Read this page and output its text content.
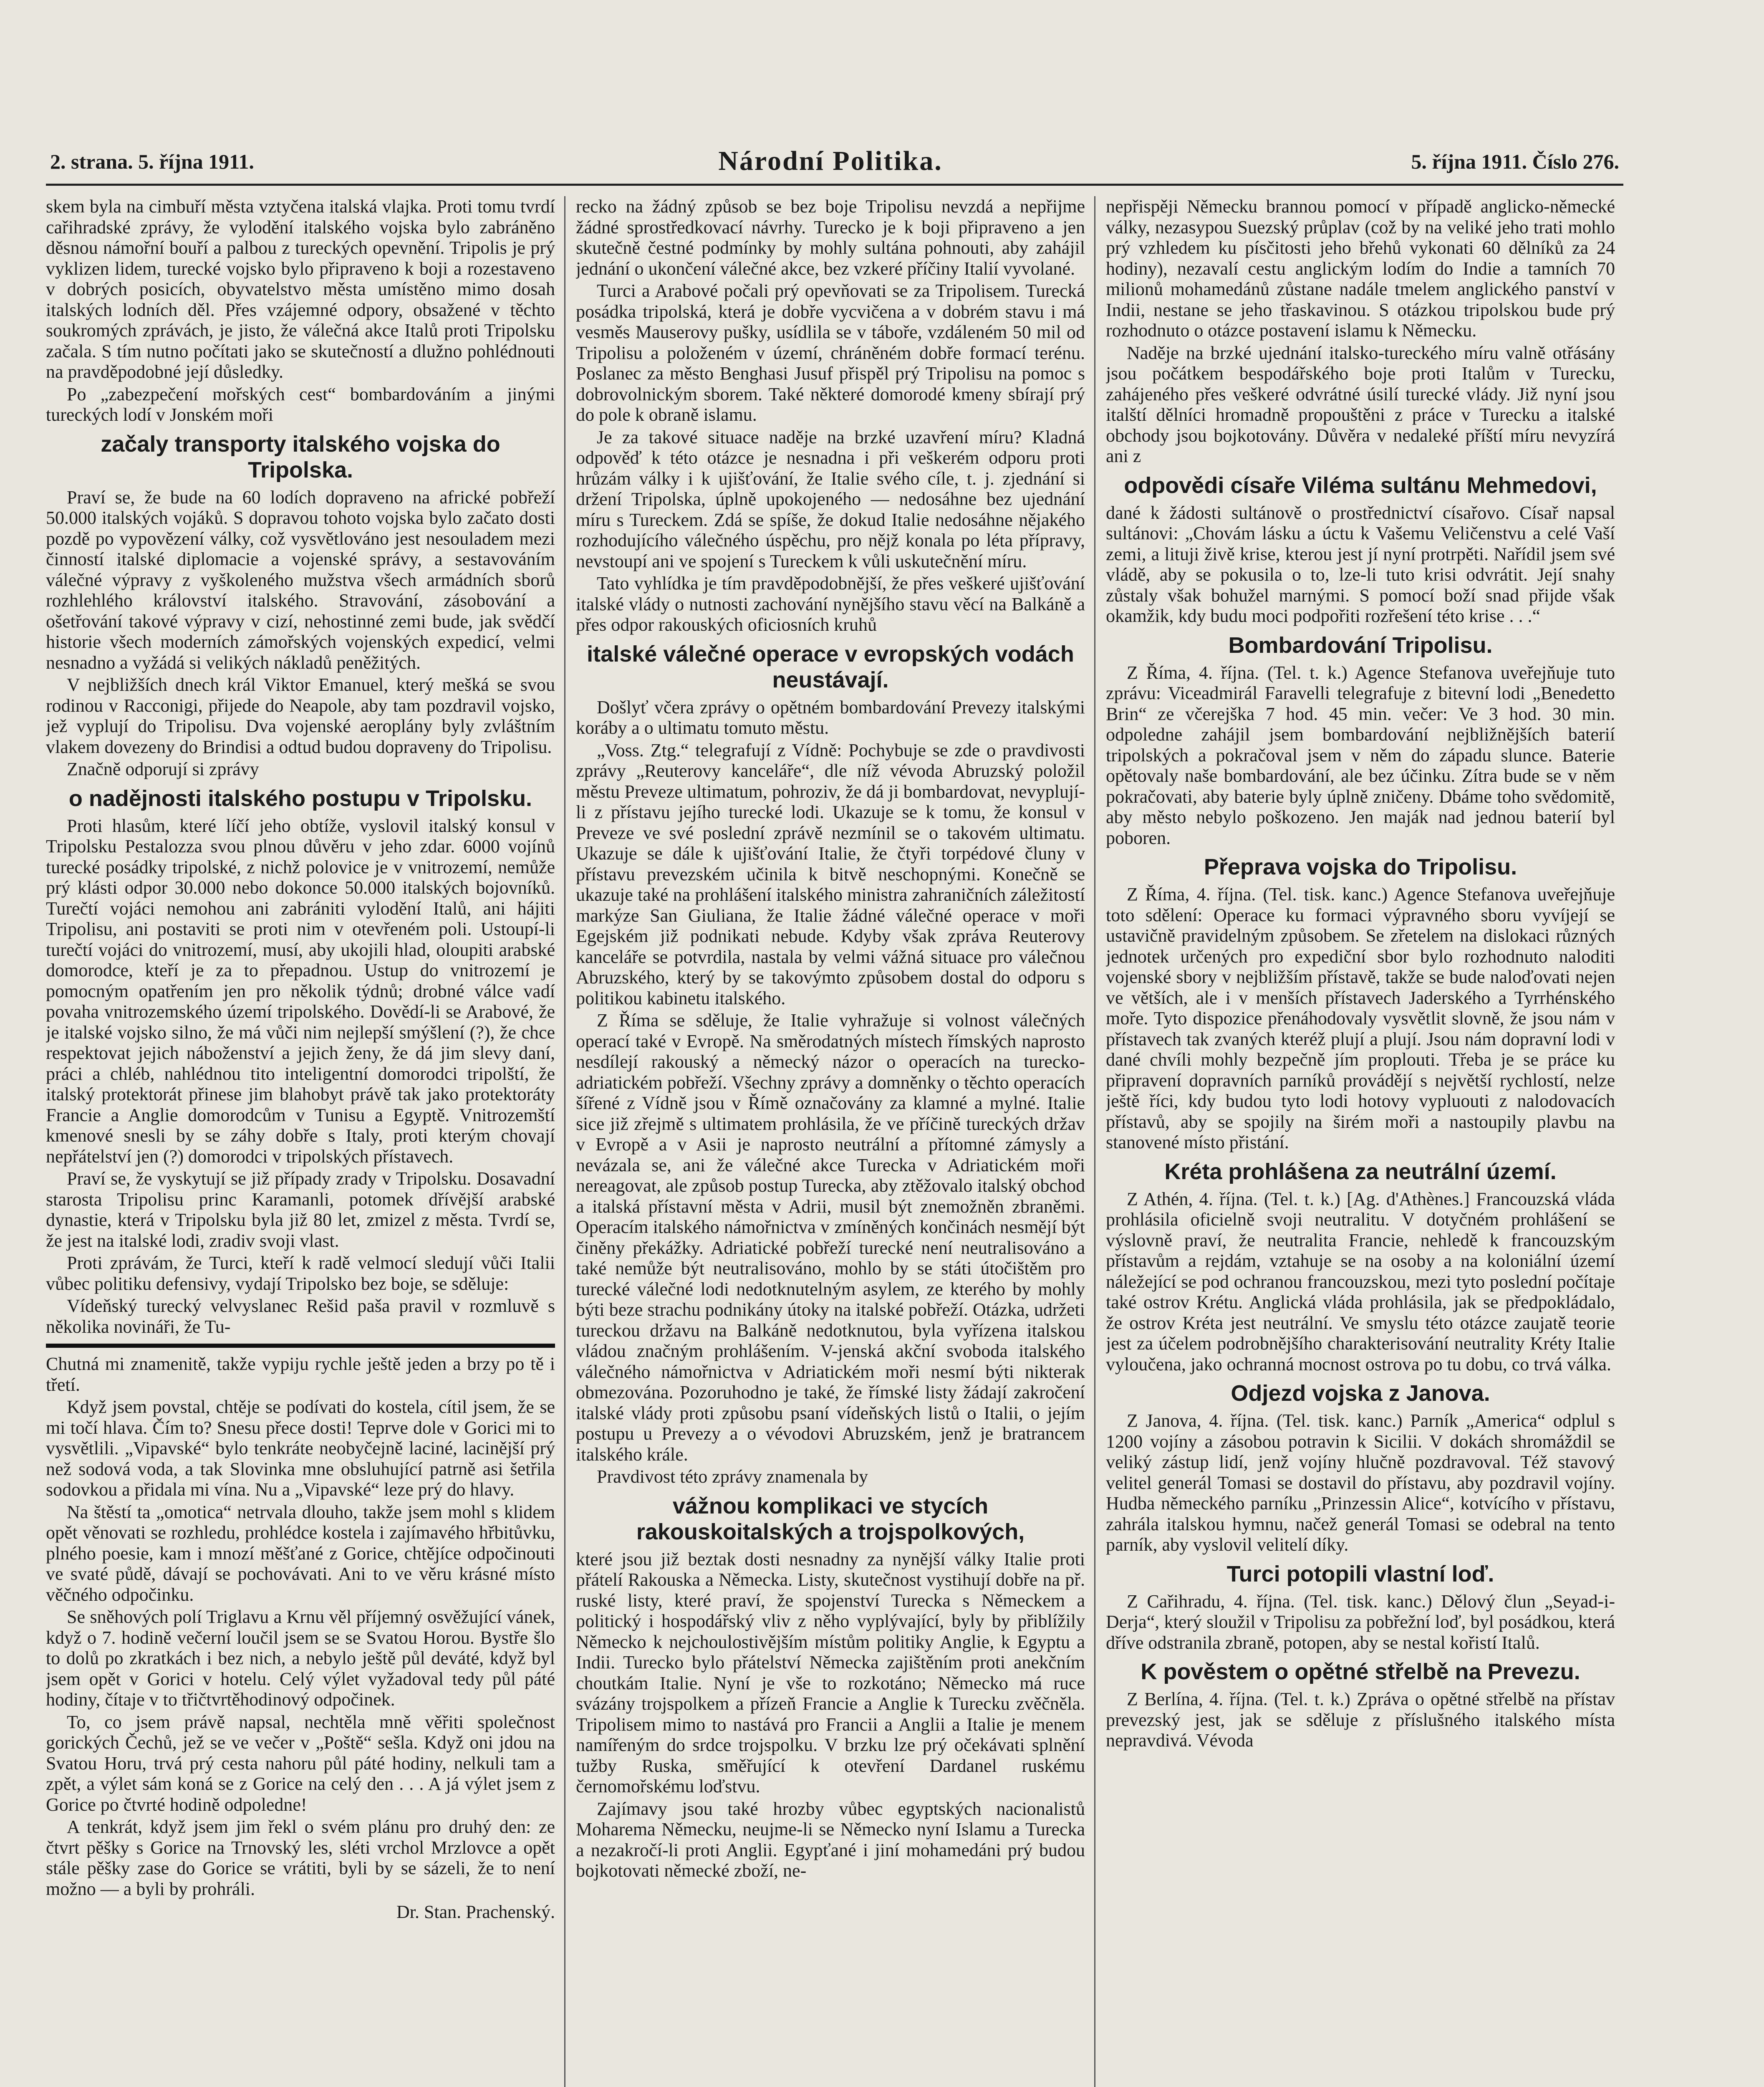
2. strana. 5. října 1911.	Národní Politika.	5. října 1911. Číslo 276.

skem byla na cimbuří města vztyčena italská vlajka. Proti tomu tvrdí cařihradské zprávy, že vylodění italského vojska bylo zabráněno děsnou námořní bouří a palbou z tureckých opevnění. Tripolis je prý vyklizen lidem, turecké vojsko bylo připraveno k boji a rozestaveno v dobrých posicích, obyvatelstvo města umístěno mimo dosah italských lodních děl. Přes vzájemné odpory, obsažené v těchto soukromých zprávách, je jisto, že válečná akce Italů proti Tripolsku začala. S tím nutno počítati jako se skutečností a dlužno pohlédnouti na pravděpodobné její důsledky.

Po „zabezpečení mořských cest“ bombardováním a jinými tureckých lodí v Jonském moři

začaly transporty italského vojska do Tripolska.

Praví se, že bude na 60 lodích dopraveno na africké pobřeží 50.000 italských vojáků. S dopravou tohoto vojska bylo začato dosti pozdě po vypovězení války, což vysvětlováno jest nesouladem mezi činností italské diplomacie a vojenské správy, a sestavováním válečné výpravy z vyškoleného mužstva všech armádních sborů rozhlehlého království italského. Stravování, zásobování a ošetřování takové výpravy v cizí, nehostinné zemi bude, jak svědčí historie všech moderních zámořských vojenských expedicí, velmi nesnadno a vyžádá si velikých nákladů peněžitých.

V nejbližších dnech král Viktor Emanuel, který mešká se svou rodinou v Racconigi, přijede do Neapole, aby tam pozdravil vojsko, jež vyplují do Tripolisu. Dva vojenské aeroplány byly zvláštním vlakem dovezeny do Brindisi a odtud budou dopraveny do Tripolisu.

Značně odporují si zprávy

o nadějnosti italského postupu v Tripolsku.

Proti hlasům, které líčí jeho obtíže, vyslovil italský konsul v Tripolsku Pestalozza svou plnou důvěru v jeho zdar. 6000 vojínů turecké posádky tripolské, z nichž polovice je v vnitrozemí, nemůže prý klásti odpor 30.000 nebo dokonce 50.000 italských bojovníků. Turečtí vojáci nemohou ani zabrániti vylodění Italů, ani hájiti Tripolisu, ani postaviti se proti nim v otevřeném poli. Ustoupí-li turečtí vojáci do vnitrozemí, musí, aby ukojili hlad, oloupiti arabské domorodce, kteří je za to přepadnou. Ustup do vnitrozemí je pomocným opatřením jen pro několik týdnů; drobné válce vadí povaha vnitrozemského území tripolského. Dovědí-li se Arabové, že je italské vojsko silno, že má vůči nim nejlepší smýšlení (?), že chce respektovat jejich náboženství a jejich ženy, že dá jim slevy daní, práci a chléb, nahlédnou tito inteligentní domorodci tripolští, že italský protektorát přinese jim blahobyt právě tak jako protektoráty Francie a Anglie domorodcům v Tunisu a Egyptě. Vnitrozemští kmenové snesli by se záhy dobře s Italy, proti kterým chovají nepřátelství jen (?) domorodci v tripolských přístavech.

Praví se, že vyskytují se již případy zrady v Tripolsku. Dosavadní starosta Tripolisu princ Karamanli, potomek dřívější arabské dynastie, která v Tripolsku byla již 80 let, zmizel z města. Tvrdí se, že jest na italské lodi, zradiv svoji vlast.

Proti zprávám, že Turci, kteří k radě velmocí sledují vůči Italii vůbec politiku defensivy, vydají Tripolsko bez boje, se sděluje:

Vídeňský turecký velvyslanec Rešid paša pravil v rozmluvě s několika novináři, že Tu-

Chutná mi znamenitě, takže vypiju rychle ještě jeden a brzy po tě i třetí.

Když jsem povstal, chtěje se podívati do kostela, cítil jsem, že se mi točí hlava. Čím to? Snesu přece dosti! Teprve dole v Gorici mi to vysvětlili. „Vipavské“ bylo tenkráte neobyčejně laciné, lacinější prý než sodová voda, a tak Slovinka mne obsluhující patrně asi šetřila sodovkou a přidala mi vína. Nu a „Vipavské“ leze prý do hlavy.

Na štěstí ta „omotica“ netrvala dlouho, takže jsem mohl s klidem opět věnovati se rozhledu, prohlédce kostela i zajímavého hřbitůvku, plného poesie, kam i mnozí měšťané z Gorice, chtějíce odpočinouti ve svaté půdě, dávají se pochovávati. Ani to ve věru krásné místo věčného odpočinku.

Se sněhových polí Triglavu a Krnu věl příjemný osvěžující vánek, když o 7. hodině večerní loučil jsem se se Svatou Horou. Bystře šlo to dolů po zkratkách i bez nich, a nebylo ještě půl deváté, když byl jsem opět v Gorici v hotelu. Celý výlet vyžadoval tedy půl páté hodiny, čítaje v to třičtvrtěhodinový odpočinek.

To, co jsem právě napsal, nechtěla mně věřiti společnost gorických Čechů, jež se ve večer v „Poště“ sešla. Když oni jdou na Svatou Horu, trvá prý cesta nahoru půl páté hodiny, nelkuli tam a zpět, a výlet sám koná se z Gorice na celý den . . . A já výlet jsem z Gorice po čtvrté hodině odpoledne!

A tenkrát, když jsem jim řekl o svém plánu pro druhý den: ze čtvrt pěšky s Gorice na Trnovský les, sléti vrchol Mrzlovce a opět stále pěšky zase do Gorice se vrátiti, byli by se sázeli, že to není možno — a byli by prohráli.

Dr. Stan. Prachenský.

recko na žádný způsob se bez boje Tripolisu nevzdá a nepřijme žádné sprostředkovací návrhy. Turecko je k boji připraveno a jen skutečně čestné podmínky by mohly sultána pohnouti, aby zahájil jednání o ukončení válečné akce, bez vzkeré příčiny Italií vyvolané.

Turci a Arabové počali prý opevňovati se za Tripolisem. Turecká posádka tripolská, která je dobře vycvičena a v dobrém stavu i má vesměs Mauserovy pušky, usídlila se v táboře, vzdáleném 50 mil od Tripolisu a položeném v území, chráněném dobře formací terénu. Poslanec za město Benghasi Jusuf přispěl prý Tripolisu na pomoc s dobrovolnickým sborem. Také některé domorodé kmeny sbírají prý do pole k obraně islamu.

Je za takové situace naděje na brzké uzavření míru? Kladná odpověď k této otázce je nesnadna i při veškerém odporu proti hrůzám války i k ujišťování, že Italie svého cíle, t. j. zjednání si držení Tripolska, úplně upokojeného — nedosáhne bez ujednání míru s Tureckem. Zdá se spíše, že dokud Italie nedosáhne nějakého rozhodujícího válečného úspěchu, pro nějž konala po léta přípravy, nevstoupí ani ve spojení s Tureckem k vůli uskutečnění míru.

Tato vyhlídka je tím pravděpodobnější, že přes veškeré ujišťování italské vlády o nutnosti zachování nynějšího stavu věcí na Balkáně a přes odpor rakouských oficiosních kruhů

italské válečné operace v evropských vodách neustávají.

Došlyť včera zprávy o opětném bombardování Prevezy italskými koráby a o ultimatu tomuto městu.

„Voss. Ztg.“ telegrafují z Vídně: Pochybuje se zde o pravdivosti zprávy „Reuterovy kanceláře“, dle níž vévoda Abruzský položil městu Preveze ultimatum, pohroziv, že dá ji bombardovat, nevyplují-li z přístavu jejího turecké lodi. Ukazuje se k tomu, že konsul v Preveze ve své poslední zprávě nezmínil se o takovém ultimatu. Ukazuje se dále k ujišťování Italie, že čtyři torpédové čluny v přístavu prevezském učinila k bitvě neschopnými. Konečně se ukazuje také na prohlášení italského ministra zahraničních záležitostí markýze San Giuliana, že Italie žádné válečné operace v moři Egejském již podnikati nebude. Kdyby však zpráva Reuterovy kanceláře se potvrdila, nastala by velmi vážná situace pro válečnou Abruzského, který by se takovýmto způsobem dostal do odporu s politikou kabinetu italského.

Z Říma se sděluje, že Italie vyhražuje si volnost válečných operací také v Evropě. Na směrodatných místech římských naprosto nesdílejí rakouský a německý názor o operacích na turecko-adriatickém pobřeží. Všechny zprávy a domněnky o těchto operacích šířené z Vídně jsou v Římě označovány za klamné a mylné. Italie sice již zřejmě s ultimatem prohlásila, že ve příčině tureckých držav v Evropě a v Asii je naprosto neutrální a přítomné zámysly a nevázala se, ani že válečné akce Turecka v Adriatickém moři nereagovat, ale způsob postup Turecka, aby ztěžovalo italský obchod a italská přístavní města v Adrii, musil být znemožněn zbraněmi. Operacím italského námořnictva v zmíněných končinách nesmějí být činěny překážky. Adriatické pobřeží turecké není neutralisováno a také nemůže být neutralisováno, mohlo by se státi útočištěm pro turecké válečné lodi nedotknutelným asylem, ze kterého by mohly býti beze strachu podnikány útoky na italské pobřeží. Otázka, udržeti tureckou državu na Balkáně nedotknutou, byla vyřízena italskou vládou značným prohlášením. V-jenská akční svoboda italského válečného námořnictva v Adriatickém moři nesmí býti nikterak obmezována. Pozoruhodno je také, že římské listy žádají zakročení italské vlády proti způsobu psaní vídeňských listů o Italii, o jejím postupu u Prevezy a o vévodovi Abruzském, jenž je bratrancem italského krále.

Pravdivost této zprávy znamenala by

vážnou komplikaci ve stycích rakouskoitalských a trojspolkových,

které jsou již beztak dosti nesnadny za nynější války Italie proti přátelí Rakouska a Německa. Listy, skutečnost vystihují dobře na př. ruské listy, které praví, že spojenství Turecka s Německem a politický i hospodářský vliv z něho vyplývající, byly by přiblížily Německo k nejchoulostivějším místům politiky Anglie, k Egyptu a Indii. Turecko bylo přátelství Německa zajištěním proti anekčním choutkám Italie. Nyní je vše to rozkotáno; Německo má ruce svázány trojspolkem a přízeň Francie a Anglie k Turecku zvěčněla. Tripolisem mimo to nastává pro Francii a Anglii a Italie je menem namířeným do srdce trojspolku. V brzku lze prý očekávati splnění tužby Ruska, směřující k otevření Dardanel ruskému černomořskému loďstvu.

Zajímavy jsou také hrozby vůbec egyptských nacionalistů Moharema Německu, neujme-li se Německo nyní Islamu a Turecka a nezakročí-li proti Anglii. Egypťané i jiní mohamedáni prý budou bojkotovati německé zboží, ne-

nepřispěji Německu brannou pomocí v případě anglicko-německé války, nezasypou Suezský průplav (což by na veliké jeho trati mohlo prý vzhledem ku písčitosti jeho břehů vykonati 60 dělníků za 24 hodiny), nezavalí cestu anglickým lodím do Indie a tamních 70 milionů mohamedánů zůstane nadále tmelem anglického panství v Indii, nestane se jeho třaskavinou. S otázkou tripolskou bude prý rozhodnuto o otázce postavení islamu k Německu.

Naděje na brzké ujednání italsko-tureckého míru valně otřásány jsou počátkem bespodářského boje proti Italům v Turecku, zahájeného přes veškeré odvrátné úsilí turecké vlády. Již nyní jsou italští dělníci hromadně propouštěni z práce v Turecku a italské obchody jsou bojkotovány. Důvěra v nedaleké příští míru nevyzírá ani z

odpovědi císaře Viléma sultánu Mehmedovi,

dané k žádosti sultánově o prostřednictví císařovo. Císař napsal sultánovi: „Chovám lásku a úctu k Vašemu Veličenstvu a celé Vaší zemi, a lituji živě krise, kterou jest jí nyní protrpěti. Nařídil jsem své vládě, aby se pokusila o to, lze-li tuto krisi odvrátit. Její snahy zůstaly však bohužel marnými. S pomocí boží snad přijde však okamžik, kdy budu moci podpořiti rozřešení této krise . . .“

Bombardování Tripolisu.

Z Říma, 4. října. (Tel. t. k.) Agence Stefanova uveřejňuje tuto zprávu: Viceadmirál Faravelli telegrafuje z bitevní lodi „Benedetto Brin“ ze včerejška 7 hod. 45 min. večer: Ve 3 hod. 30 min. odpoledne zahájil jsem bombardování nejbližnějších baterií tripolských a pokračoval jsem v něm do západu slunce. Baterie opětovaly naše bombardování, ale bez účinku. Zítra bude se v něm pokračovati, aby baterie byly úplně zničeny. Dbáme toho svědomitě, aby město nebylo poškozeno. Jen maják nad jednou baterií byl poboren.

Přeprava vojska do Tripolisu.

Z Říma, 4. října. (Tel. tisk. kanc.) Agence Stefanova uveřejňuje toto sdělení: Operace ku formaci výpravného sboru vyvíjejí se ustavičně pravidelným způsobem. Se zřetelem na dislokaci různých jednotek určených pro expediční sbor bylo rozhodnuto naloditi vojenské sbory v nejbližším přístavě, takže se bude naloďovati nejen ve větších, ale i v menších přístavech Jaderského a Tyrrhénského moře. Tyto dispozice přenáhodovaly vysvětlit slovně, že jsou nám v přístavech tak zvaných kteréž plují a plují. Jsou nám dopravní lodi v dané chvíli mohly bezpečně jím proplouti. Třeba je se práce ku připravení dopravních parníků provádějí s největší rychlostí, nelze ještě říci, kdy budou tyto lodi hotovy vypluouti z nalodovacích přístavů, aby se spojily na širém moři a nastoupily plavbu na stanovené místo přistání.

Kréta prohlášena za neutrální území.

Z Athén, 4. října. (Tel. t. k.) [Ag. d'Athènes.] Francouzská vláda prohlásila oficielně svoji neutralitu. V dotyčném prohlášení se výslovně praví, že neutralita Francie, nehledě k francouzským přístavům a rejdám, vztahuje se na osoby a na koloniální území náležející se pod ochranou francouzskou, mezi tyto poslední počítaje také ostrov Krétu. Anglická vláda prohlásila, jak se předpokládalo, že ostrov Kréta jest neutrální. Ve smyslu této otázce zaujatě teorie jest za účelem podrobnějšího charakterisování neutrality Kréty Italie vyloučena, jako ochranná mocnost ostrova po tu dobu, co trvá válka.

Odjezd vojska z Janova.

Z Janova, 4. října. (Tel. tisk. kanc.) Parník „America“ odplul s 1200 vojíny a zásobou potravin k Sicilii. V dokách shromáždil se veliký zástup lidí, jenž vojíny hlučně pozdravoval. Též stavový velitel generál Tomasi se dostavil do přístavu, aby pozdravil vojíny. Hudba německého parníku „Prinzessin Alice“, kotvícího v přístavu, zahrála italskou hymnu, načež generál Tomasi se odebral na tento parník, aby vyslovil velitelí díky.

Turci potopili vlastní loď.

Z Cařihradu, 4. října. (Tel. tisk. kanc.) Dělový člun „Seyad-i-Derja“, který sloužil v Tripolisu za pobřežní loď, byl posádkou, která dříve odstranila zbraně, potopen, aby se nestal kořistí Italů.

K pověstem o opětné střelbě na Prevezu.

Z Berlína, 4. října. (Tel. t. k.) Zpráva o opětné střelbě na přístav prevezský jest, jak se sděluje z příslušného italského místa nepravdivá. Vévoda
